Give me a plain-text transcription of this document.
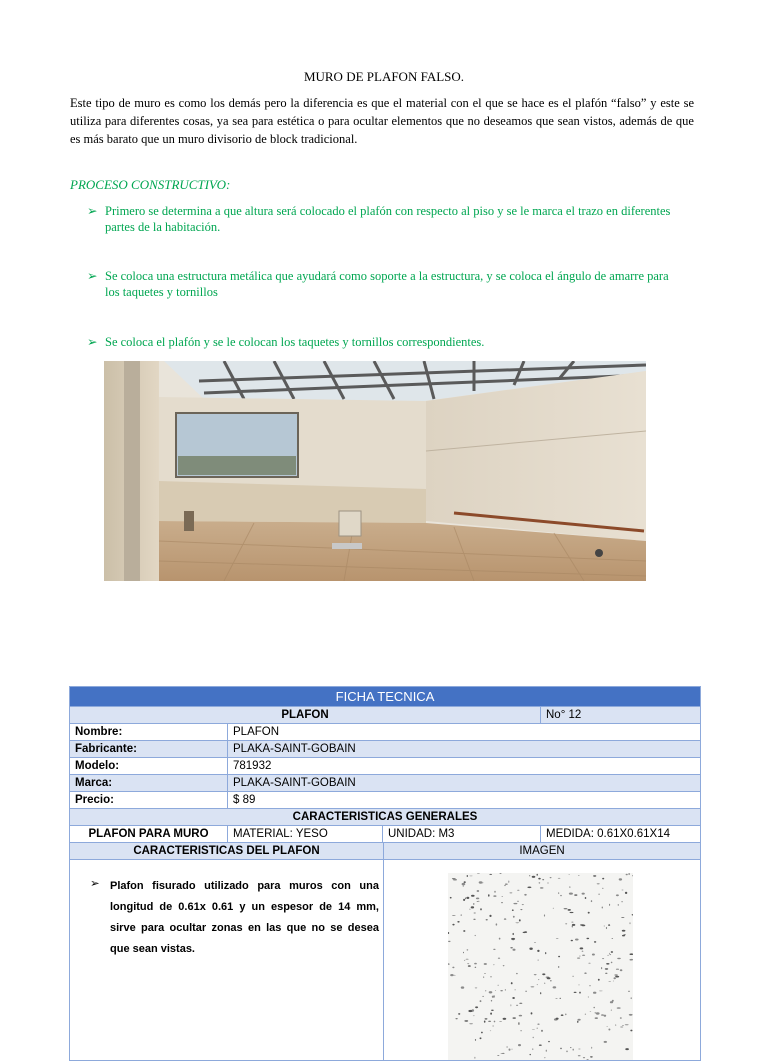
MURO DE PLAFON FALSO.
Este tipo de muro es como los demás pero la diferencia es que el material con el que se hace es el plafón “falso” y este se utiliza para diferentes cosas, ya sea para estética o para ocultar elementos que no deseamos que sean vistos, además de que es más barato que un muro divisorio de block tradicional.
PROCESO CONSTRUCTIVO:
➢ Primero se determina a que altura será colocado el plafón con respecto al piso y se le marca el trazo en diferentes partes de la habitación.
➢ Se coloca una estructura metálica que ayudará como soporte a la estructura, y se coloca el ángulo de amarre para los taquetes y tornillos
➢ Se coloca el plafón y se le colocan los taquetes y tornillos correspondientes.
FICHA TECNICA
PLAFON	No° 12
Nombre:	PLAFON
Fabricante:	PLAKA-SAINT-GOBAIN
Modelo:	781932
Marca:	PLAKA-SAINT-GOBAIN
Precio:	$ 89
CARACTERISTICAS GENERALES
PLAFON PARA MURO	MATERIAL: YESO	UNIDAD: M3	MEDIDA: 0.61X0.61X14
CARACTERISTICAS DEL PLAFON	IMAGEN
➢ Plafon fisurado utilizado para muros con una longitud de 0.61x 0.61 y un espesor de 14 mm, sirve para ocultar zonas en las que no se desea que sean vistas.
